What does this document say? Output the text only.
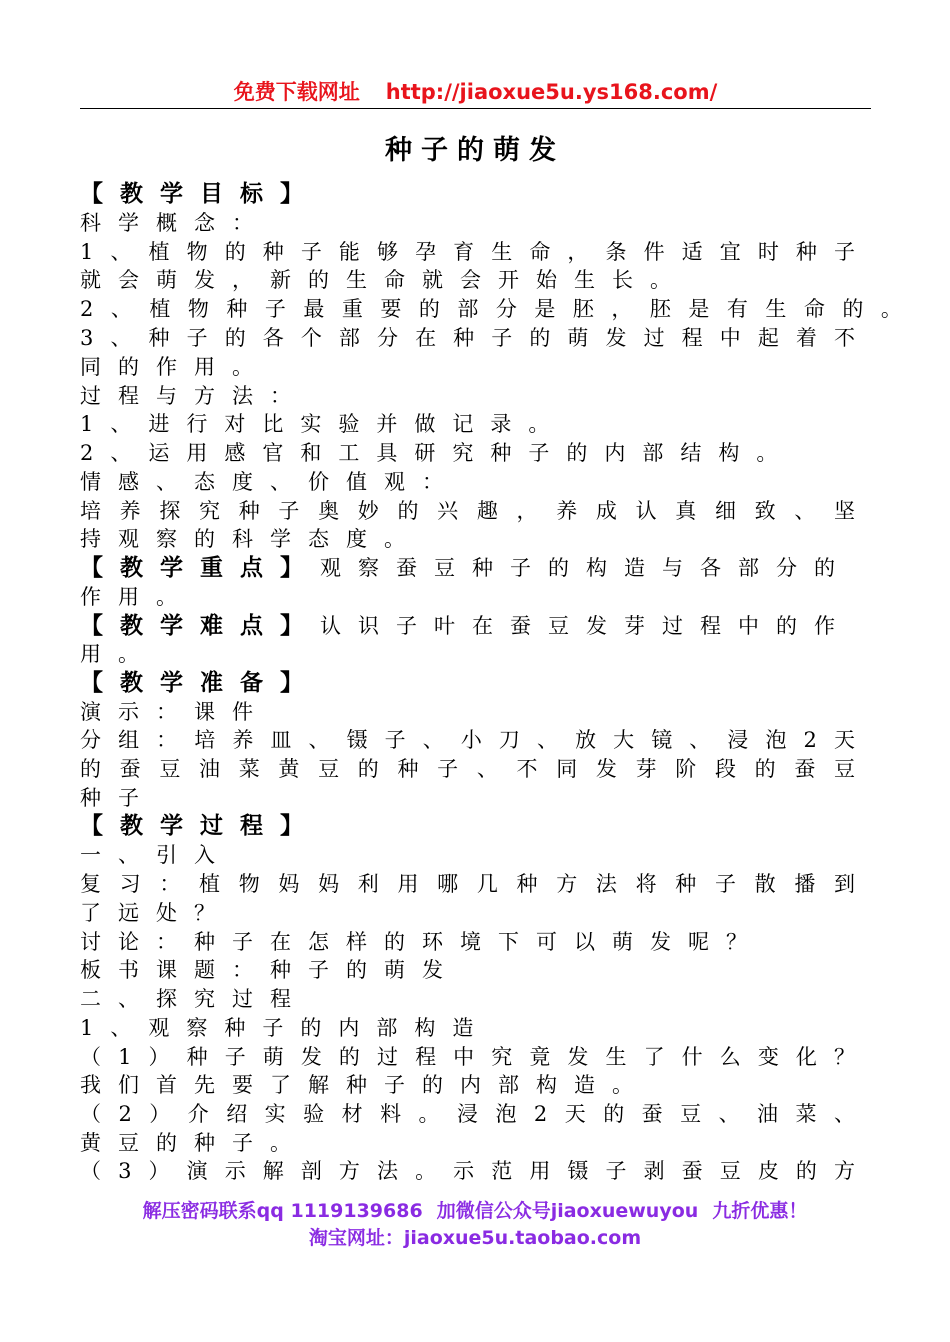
免费下载网址 http://jiaoxue5u.ys168.com/
种子的萌发
【教学目标】
科学概念：
1、植物的种子能够孕育生命，条件适宜时种子
就会萌发，新的生命就会开始生长。
2、植物种子最重要的部分是胚，胚是有生命的。
3、种子的各个部分在种子的萌发过程中起着不
同的作用。
过程与方法：
1、进行对比实验并做记录。
2、运用感官和工具研究种子的内部结构。
情感、态度、价值观：
培养探究种子奥妙的兴趣，养成认真细致、坚
持观察的科学态度。
【教学重点】观察蚕豆种子的构造与各部分的
作用。
【教学难点】认识子叶在蚕豆发芽过程中的作
用。
【教学准备】
演示：课件
分组：培养皿、镊子、小刀、放大镜、浸泡2天
的蚕豆油菜黄豆的种子、不同发芽阶段的蚕豆
种子
【教学过程】
一、引入
复习：植物妈妈利用哪几种方法将种子散播到
了远处？
讨论：种子在怎样的环境下可以萌发呢？
板书课题：种子的萌发
二、探究过程
1、观察种子的内部构造
（1）种子萌发的过程中究竟发生了什么变化？
我们首先要了解种子的内部构造。
（2）介绍实验材料。浸泡2天的蚕豆、油菜、
黄豆的种子。
（3）演示解剖方法。示范用镊子剥蚕豆皮的方
解压密码联系qq 1119139686 加微信公众号jiaoxuewuyou 九折优惠！
淘宝网址：jiaoxue5u.taobao.com
